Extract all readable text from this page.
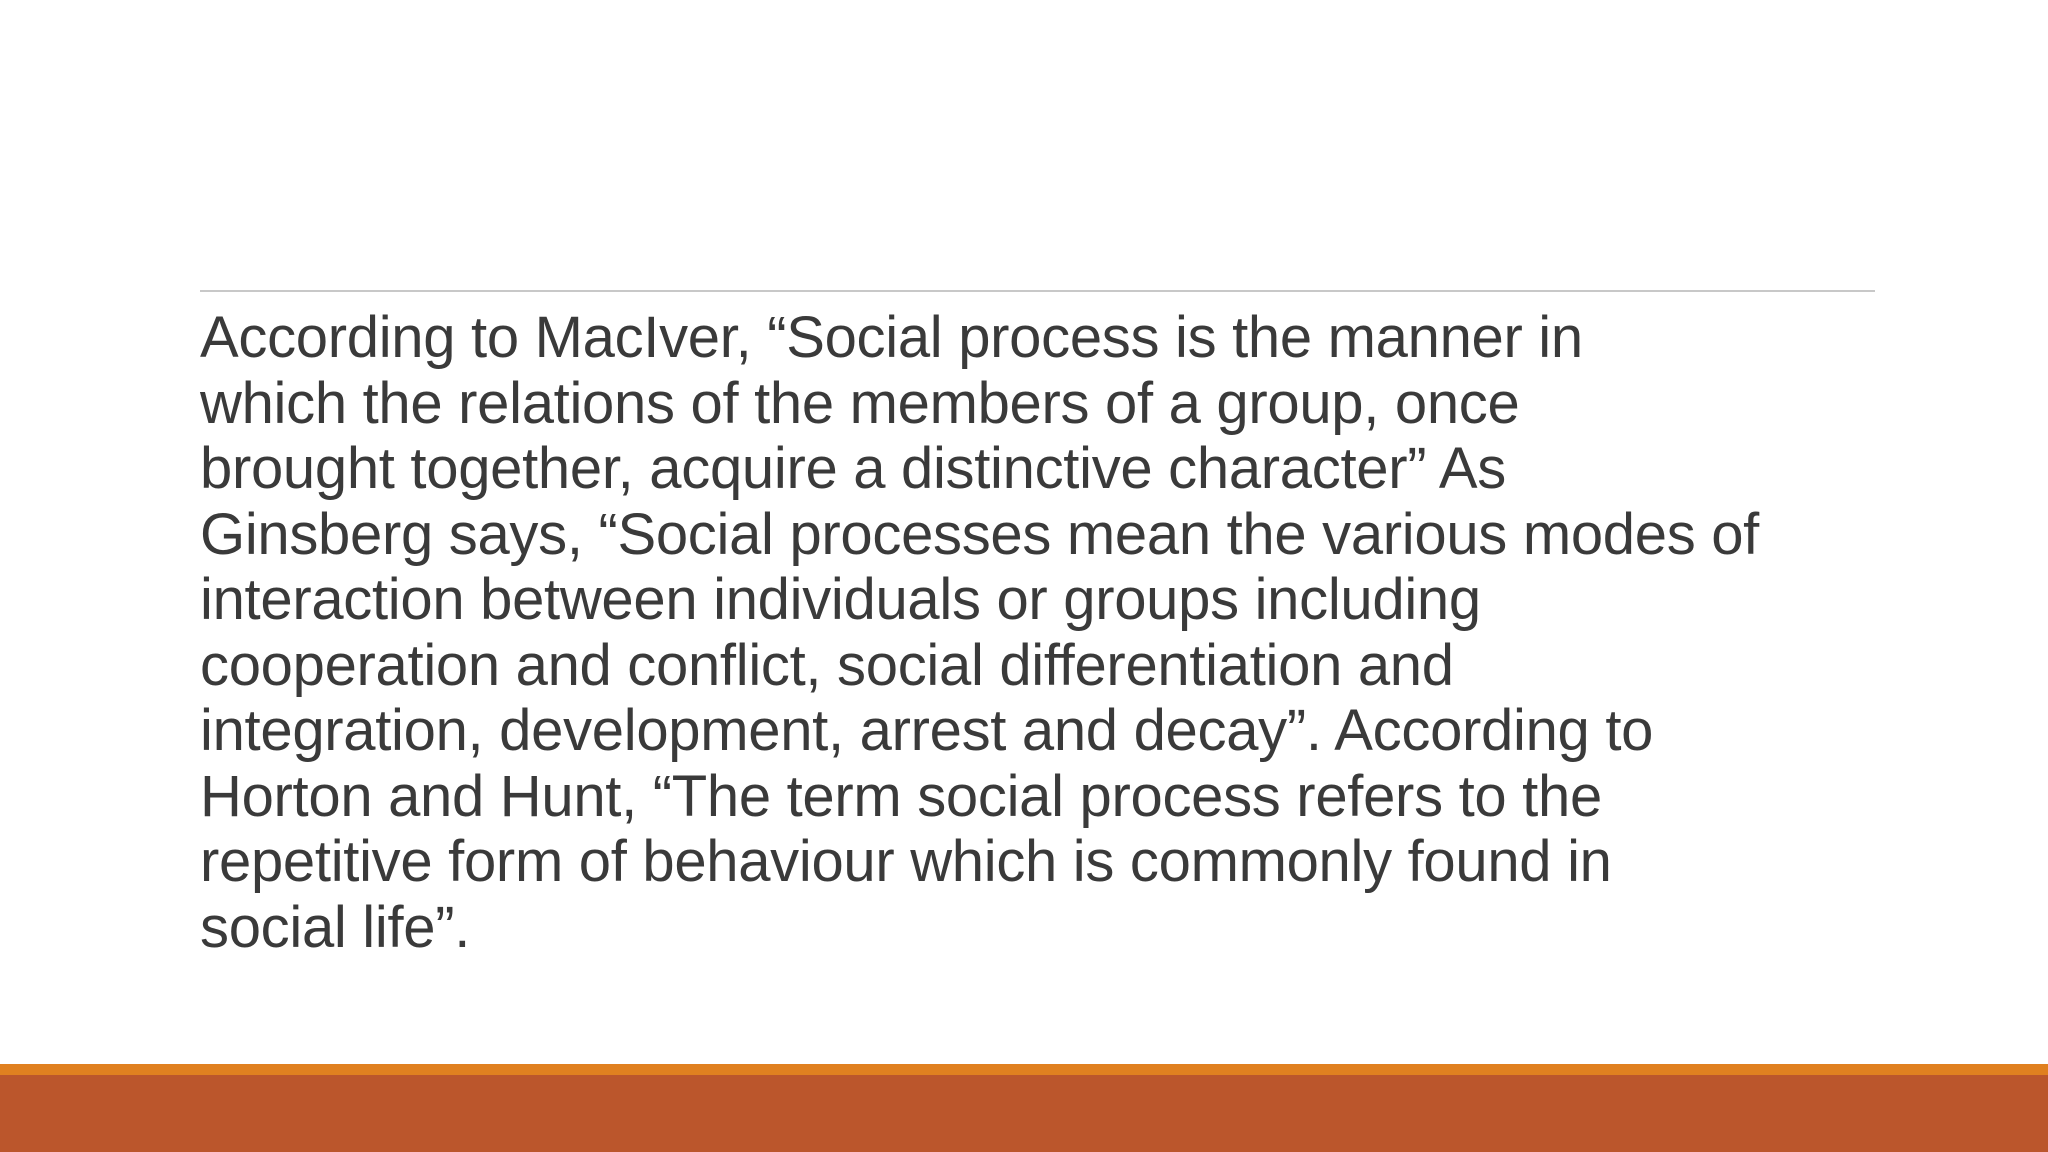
According to MacIver, “Social process is the manner in
which the relations of the members of a group, once
brought together, acquire a distinctive character” As
Ginsberg says, “Social processes mean the various modes of
interaction between individuals or groups including
cooperation and conflict, social differentiation and
integration, development, arrest and decay”. According to
Horton and Hunt, “The term social process refers to the
repetitive form of behaviour which is commonly found in
social life”.
